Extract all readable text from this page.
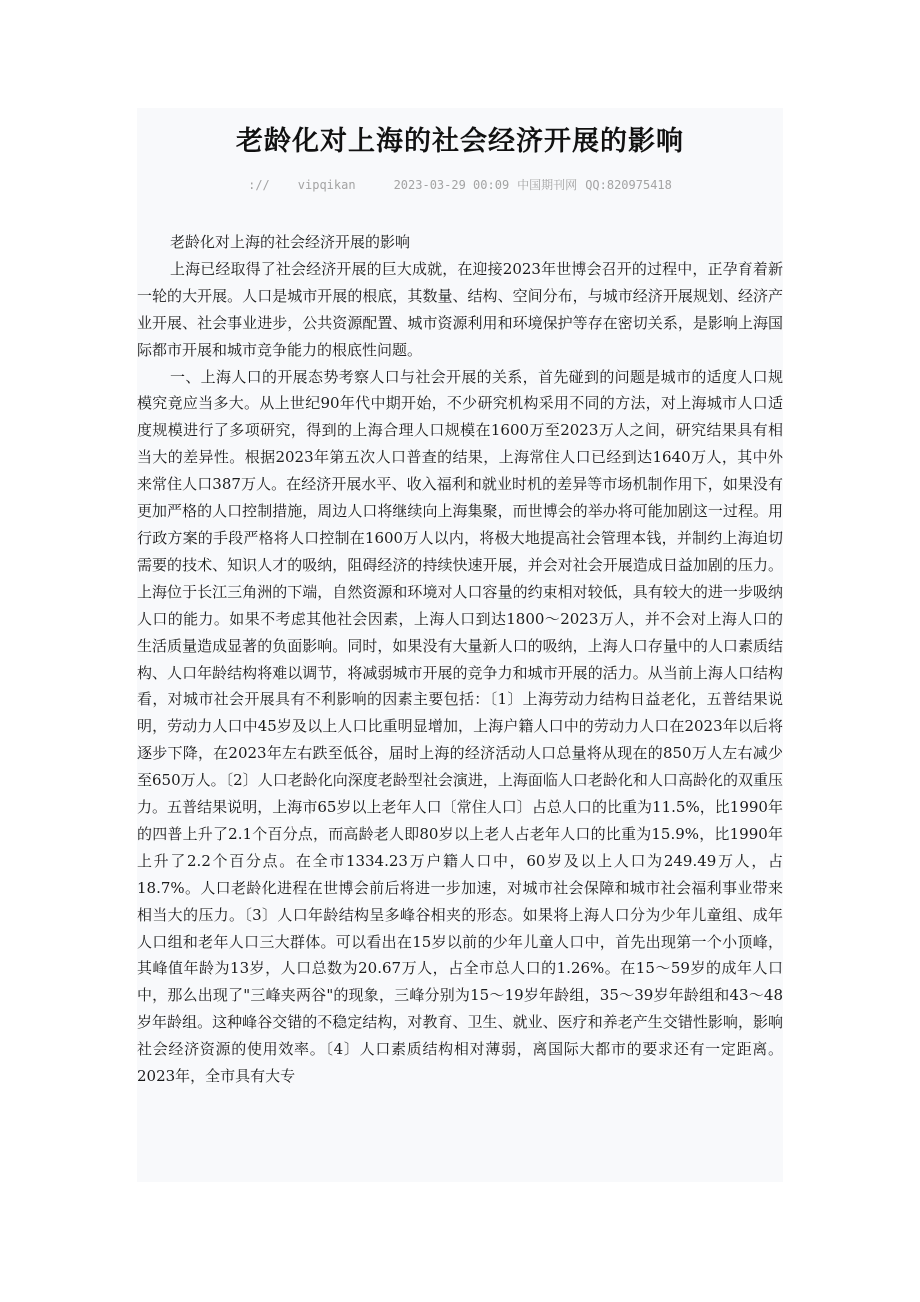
老龄化对上海的社会经济开展的影响
:// vipqikan	2023-03-29 00:09 中国期刊网 QQ:820975418

老龄化对上海的社会经济开展的影响

上海已经取得了社会经济开展的巨大成就，在迎接2023年世博会召开的过程中，正孕育着新一轮的大开展。人口是城市开展的根底，其数量、结构、空间分布，与城市经济开展规划、经济产业开展、社会事业进步，公共资源配置、城市资源利用和环境保护等存在密切关系，是影响上海国际都市开展和城市竞争能力的根底性问题。

一、上海人口的开展态势考察人口与社会开展的关系，首先碰到的问题是城市的适度人口规模究竟应当多大。从上世纪90年代中期开始，不少研究机构采用不同的方法，对上海城市人口适度规模进行了多项研究，得到的上海合理人口规模在1600万至2023万人之间，研究结果具有相当大的差异性。根据2023年第五次人口普查的结果，上海常住人口已经到达1640万人，其中外来常住人口387万人。在经济开展水平、收入福利和就业时机的差异等市场机制作用下，如果没有更加严格的人口控制措施，周边人口将继续向上海集聚，而世博会的举办将可能加剧这一过程。用行政方案的手段严格将人口控制在1600万人以内，将极大地提高社会管理本钱，并制约上海迫切需要的技术、知识人才的吸纳，阻碍经济的持续快速开展，并会对社会开展造成日益加剧的压力。上海位于长江三角洲的下端，自然资源和环境对人口容量的约束相对较低，具有较大的进一步吸纳人口的能力。如果不考虑其他社会因素，上海人口到达1800～2023万人，并不会对上海人口的生活质量造成显著的负面影响。同时，如果没有大量新人口的吸纳，上海人口存量中的人口素质结构、人口年龄结构将难以调节，将减弱城市开展的竞争力和城市开展的活力。从当前上海人口结构看，对城市社会开展具有不利影响的因素主要包括：〔1〕上海劳动力结构日益老化，五普结果说明，劳动力人口中45岁及以上人口比重明显增加，上海户籍人口中的劳动力人口在2023年以后将逐步下降，在2023年左右跌至低谷，届时上海的经济活动人口总量将从现在的850万人左右减少至650万人。〔2〕人口老龄化向深度老龄型社会演进，上海面临人口老龄化和人口高龄化的双重压力。五普结果说明，上海市65岁以上老年人口〔常住人口〕占总人口的比重为11.5%，比1990年的四普上升了2.1个百分点，而高龄老人即80岁以上老人占老年人口的比重为15.9%，比1990年上升了2.2个百分点。在全市1334.23万户籍人口中，60岁及以上人口为249.49万人，占18.7%。人口老龄化进程在世博会前后将进一步加速，对城市社会保障和城市社会福利事业带来相当大的压力。〔3〕人口年龄结构呈多峰谷相夹的形态。如果将上海人口分为少年儿童组、成年人口组和老年人口三大群体。可以看出在15岁以前的少年儿童人口中，首先出现第一个小顶峰，其峰值年龄为13岁，人口总数为20.67万人，占全市总人口的1.26%。在15～59岁的成年人口中，那么出现了"三峰夹两谷"的现象，三峰分别为15～19岁年龄组，35～39岁年龄组和43～48岁年龄组。这种峰谷交错的不稳定结构，对教育、卫生、就业、医疗和养老产生交错性影响，影响社会经济资源的使用效率。〔4〕人口素质结构相对薄弱，离国际大都市的要求还有一定距离。2023年，全市具有大专
